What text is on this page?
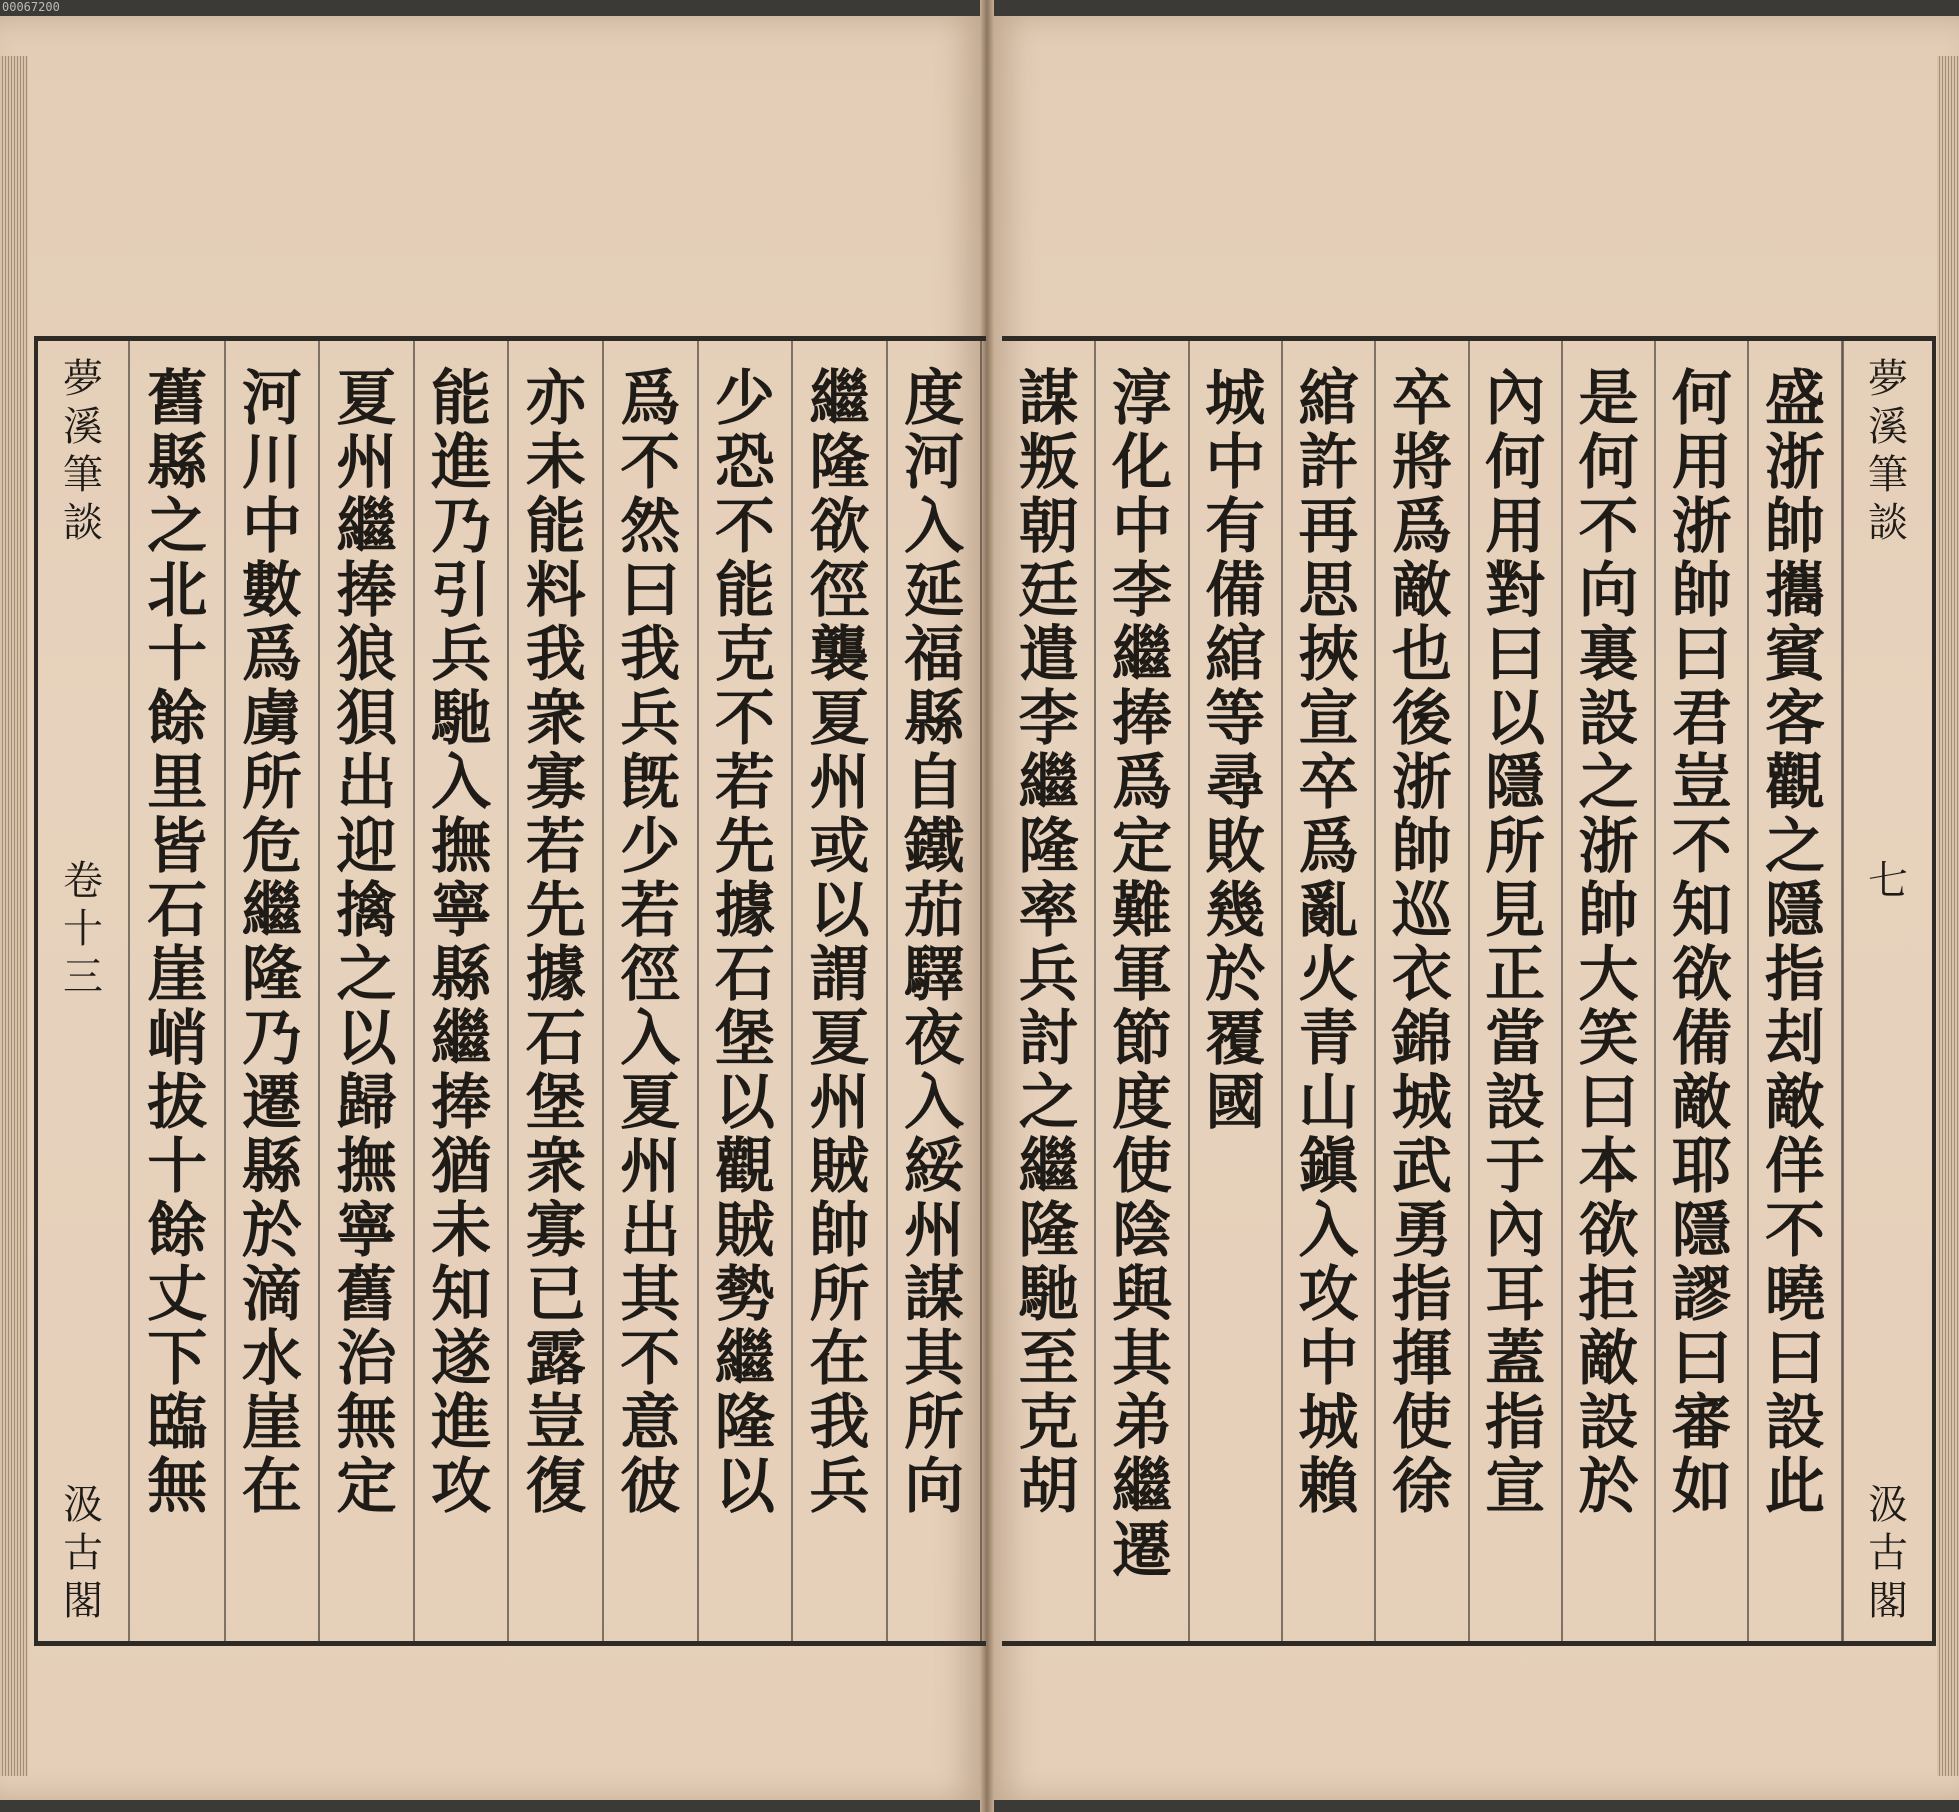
00067200
夢
溪
筆
談
卷
十
三
汲
古
閣
度
河
入
延
福
縣
自
鐵
茄
驛
夜
入
綏
州
謀
其
所
向
繼
隆
欲
徑
襲
夏
州
或
以
謂
夏
州
賊
帥
所
在
我
兵
少
恐
不
能
克
不
若
先
據
石
堡
以
觀
賊
勢
繼
隆
以
爲
不
然
曰
我
兵
旣
少
若
徑
入
夏
州
出
其
不
意
彼
亦
未
能
料
我
衆
寡
若
先
據
石
堡
衆
寡
已
露
豈
復
能
進
乃
引
兵
馳
入
撫
寧
縣
繼
捧
猶
未
知
遂
進
攻
夏
州
繼
捧
狼
狽
出
迎
擒
之
以
歸
撫
寧
舊
治
無
定
河
川
中
數
爲
虜
所
危
繼
隆
乃
遷
縣
於
滴
水
崖
在
舊
縣
之
北
十
餘
里
皆
石
崖
峭
拔
十
餘
丈
下
臨
無
盛
浙
帥
攜
賓
客
觀
之
隱
指
刦
敵
佯
不
曉
曰
設
此
何
用
浙
帥
曰
君
豈
不
知
欲
備
敵
耶
隱
謬
曰
審
如
是
何
不
向
裏
設
之
浙
帥
大
笑
曰
本
欲
拒
敵
設
於
內
何
用
對
曰
以
隱
所
見
正
當
設
于
內
耳
蓋
指
宣
卒
將
爲
敵
也
後
浙
帥
巡
衣
錦
城
武
勇
指
揮
使
徐
綰
許
再
思
挾
宣
卒
爲
亂
火
青
山
鎭
入
攻
中
城
賴
城
中
有
備
綰
等
尋
敗
幾
於
覆
國
淳
化
中
李
繼
捧
爲
定
難
軍
節
度
使
陰
與
其
弟
繼
遷
謀
叛
朝
廷
遣
李
繼
隆
率
兵
討
之
繼
隆
馳
至
克
胡
夢
溪
筆
談
七
汲
古
閣
